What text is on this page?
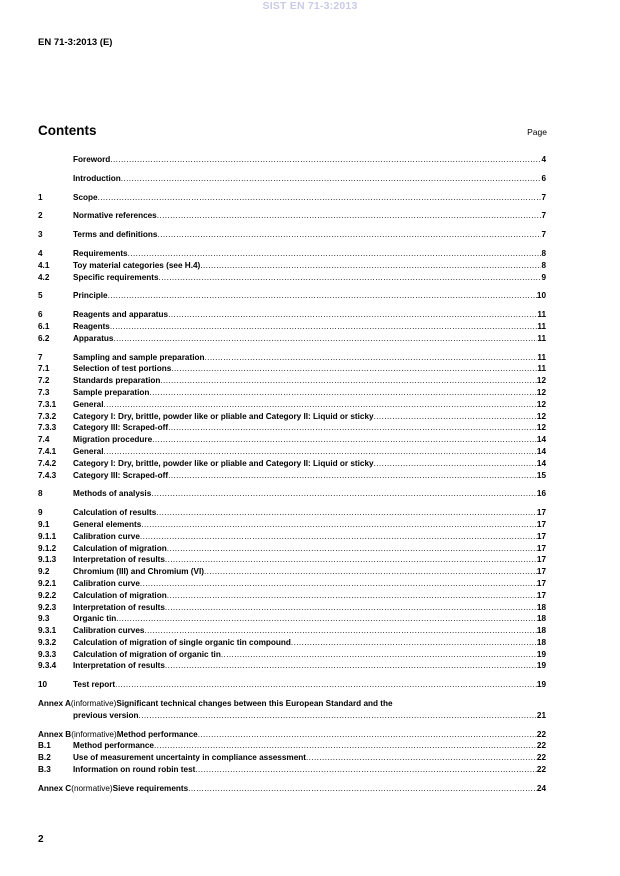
SIST EN 71-3:2013
EN 71-3:2013 (E)
Contents	Page
Foreword .....	4
Introduction .....	6
1	Scope .....	7
2	Normative references .....	7
3	Terms and definitions .....	7
4	Requirements .....	8
4.1	Toy material categories (see H.4) .....	8
4.2	Specific requirements .....	9
5	Principle .....	10
6	Reagents and apparatus .....	11
6.1	Reagents .....	11
6.2	Apparatus .....	11
7	Sampling and sample preparation .....	11
7.1	Selection of test portions .....	11
7.2	Standards preparation .....	12
7.3	Sample preparation .....	12
7.3.1	General .....	12
7.3.2	Category I: Dry, brittle, powder like or pliable and Category II: Liquid or sticky .....	12
7.3.3	Category III: Scraped-off .....	12
7.4	Migration procedure .....	14
7.4.1	General .....	14
7.4.2	Category I: Dry, brittle, powder like or pliable and Category II: Liquid or sticky .....	14
7.4.3	Category III: Scraped-off .....	15
8	Methods of analysis .....	16
9	Calculation of results .....	17
9.1	General elements .....	17
9.1.1	Calibration curve .....	17
9.1.2	Calculation of migration .....	17
9.1.3	Interpretation of results .....	17
9.2	Chromium (III) and Chromium (VI) .....	17
9.2.1	Calibration curve .....	17
9.2.2	Calculation of migration .....	17
9.2.3	Interpretation of results .....	18
9.3	Organic tin .....	18
9.3.1	Calibration curves .....	18
9.3.2	Calculation of migration of single organic tin compound .....	18
9.3.3	Calculation of migration of organic tin .....	19
9.3.4	Interpretation of results .....	19
10	Test report .....	19
Annex A (informative) Significant technical changes between this European Standard and the
previous version .....	21
Annex B (informative) Method performance .....	22
B.1	Method performance .....	22
B.2	Use of measurement uncertainty in compliance assessment .....	22
B.3	Information on round robin test .....	22
Annex C (normative) Sieve requirements .....	24
2
